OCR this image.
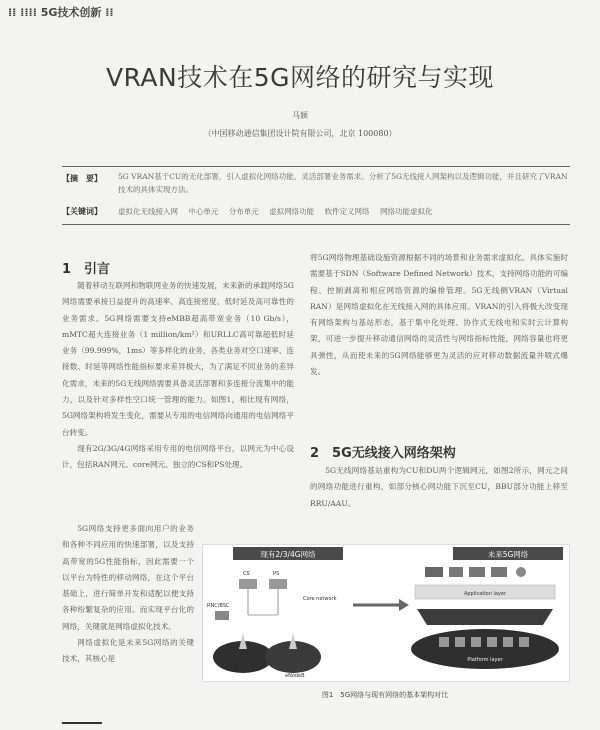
⁞⁞ ⁞⁞⁞⁞ 5G技术创新 ⁞⁞
VRAN技术在5G网络的研究与实现
马颖
（中国移动通信集团设计院有限公司，北京 100080）
【摘　要】 5G VRAN基于CU的无化部署，引入虚拟化网络功能，灵活部署业务需求。分析了5G无线接入网架构以及逻辑功能，并且研究了VRAN技术的具体实现方法。
【关键词】 虚拟化无线接入网 中心单元 分布单元 虚拟网络功能 软件定义网络 网络功能虚拟化
1　引言

随着移动互联网和物联网业务的快速发展，未来新的承载网络5G网络需要承接日益提升的高速率、高连接密度、低时延及高可靠性的业务需求。5G网络需要支持eMBB超高带宽业务（10 Gb/s），mMTC超大连接业务（1 million/km²）和URLLC高可靠超低时延业务（99.999%，1ms）等多样化的业务，各类业务对空口速率、连接数、时延等网络性能指标要求差异极大，为了满足不同业务的差异化需求，未来的5G无线网络需要具备灵活部署和多连接分流集中的能力，以及针对多样性空口统一管理的能力。如图1，相比现有网络，5G网络架构将发生变化，需要从专用的电信网络向通用的电信网络平台转变。

现有2G/3G/4G网络采用专用的电信网络平台，以网元为中心设计，包括RAN网元、core网元、独立的CS和PS处理。

5G网络支持更多面向用户的业务和各种不同应用的快速部署，以及支持高带宽的5G性能指标，因此需要一个以平台为特性的移动网络，在这个平台基础上，进行简单开发和适配以便支持各种纷繁复杂的应用。而实现平台化的网络，关键就是网络虚拟化技术。

网络虚拟化是未来5G网络的关键技术，其核心是

将5G网络物理基础设施资源根据不同的场景和业务需求虚拟化。具体实施时需要基于SDN（Software Defined Network）技术，支持网络功能的可编程、控制剥离和相应网络资源的编排管理。5G无线侧VRAN（Virtual RAN）是网络虚拟化在无线接入网的具体应用。VRAN的引入将极大改变现有网络架构与基站形态，基于集中化处理、协作式无线电和实时云计算构架，可进一步提升移动通信网络的灵活性与网络指标性能，网络容量也将更具弹性，从而使未来的5G网络能够更为灵活的应对移动数据流量井喷式爆发。

2　5G无线接入网络架构

5G无线网络基站重构为CU和DU两个逻辑网元，如图2所示，网元之间的网络功能进行重构，如部分核心网功能下沉至CU，BBU部分功能上移至RRU/AAU。

现有2/3/4G网络	未来5G网络
CS	PS
Core network
RNC/BSC
eNodeB
Application layer
Platform layer
图1　5G网络与现有网络的基本架构对比
